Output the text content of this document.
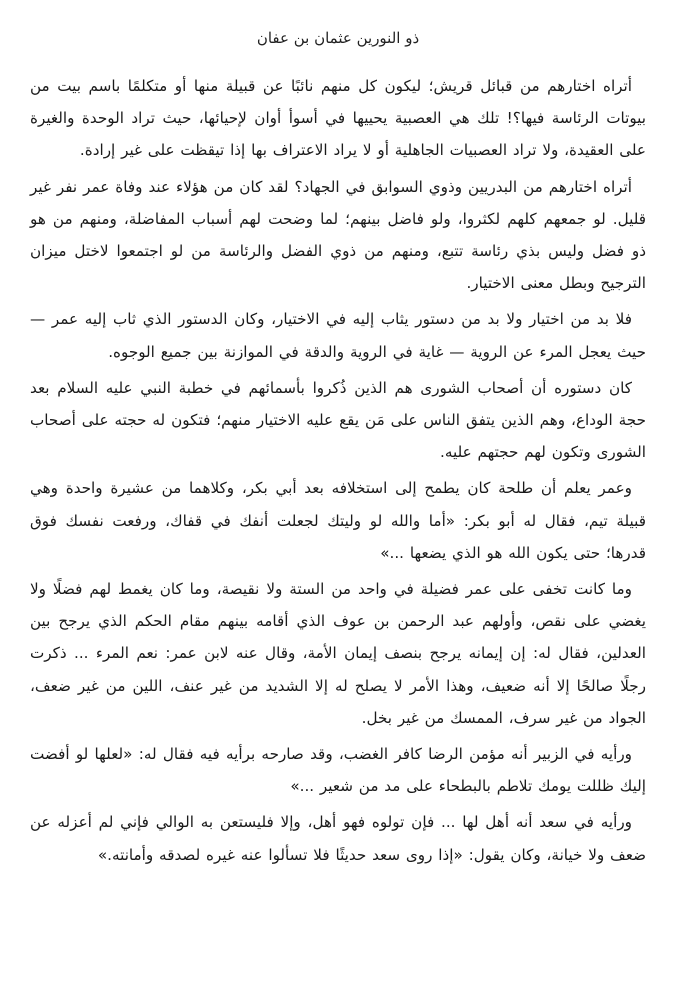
ذو النورين عثمان بن عفان

أتراه اختارهم من قبائل قريش؛ ليكون كل منهم نائبًا عن قبيلة منها أو متكلمًا باسم بيت من بيوتات الرئاسة فيها؟! تلك هي العصبية يحييها في أسوأ أوان لإحيائها، حيث تراد الوحدة والغيرة على العقيدة، ولا تراد العصبيات الجاهلية أو لا يراد الاعتراف بها إذا تيقظت على غير إرادة.

أتراه اختارهم من البدريين وذوي السوابق في الجهاد؟ لقد كان من هؤلاء عند وفاة عمر نفر غير قليل. لو جمعهم كلهم لكثروا، ولو فاضل بينهم؛ لما وضحت لهم أسباب المفاضلة، ومنهم من هو ذو فضل وليس بذي رئاسة تتبع، ومنهم من ذوي الفضل والرئاسة من لو اجتمعوا لاختل ميزان الترجيح وبطل معنى الاختيار.

فلا بد من اختيار ولا بد من دستور يثاب إليه في الاختيار، وكان الدستور الذي ثاب إليه عمر — حيث يعجل المرء عن الروية — غاية في الروية والدقة في الموازنة بين جميع الوجوه.

كان دستوره أن أصحاب الشورى هم الذين ذُكروا بأسمائهم في خطبة النبي عليه السلام بعد حجة الوداع، وهم الذين يتفق الناس على مَن يقع عليه الاختيار منهم؛ فتكون له حجته على أصحاب الشورى وتكون لهم حجتهم عليه.

وعمر يعلم أن طلحة كان يطمح إلى استخلافه بعد أبي بكر، وكلاهما من عشيرة واحدة وهي قبيلة تيم، فقال له أبو بكر: «أما والله لو وليتك لجعلت أنفك في قفاك، ورفعت نفسك فوق قدرها؛ حتى يكون الله هو الذي يضعها ...»

وما كانت تخفى على عمر فضيلة في واحد من الستة ولا نقيصة، وما كان يغمط لهم فضلًا ولا يغضي على نقص، وأولهم عبد الرحمن بن عوف الذي أقامه بينهم مقام الحكم الذي يرجح بين العدلين، فقال له: إن إيمانه يرجح بنصف إيمان الأمة، وقال عنه لابن عمر: نعم المرء ... ذكرت رجلًا صالحًا إلا أنه ضعيف، وهذا الأمر لا يصلح له إلا الشديد من غير عنف، اللين من غير ضعف، الجواد من غير سرف، الممسك من غير بخل.

ورأيه في الزبير أنه مؤمن الرضا كافر الغضب، وقد صارحه برأيه فيه فقال له: «لعلها لو أفضت إليك ظللت يومك تلاطم بالبطحاء على مد من شعير ...»

ورأيه في سعد أنه أهل لها ... فإن تولوه فهو أهل، وإلا فليستعن به الوالي فإني لم أعزله عن ضعف ولا خيانة، وكان يقول: «إذا روى سعد حديثًا فلا تسألوا عنه غيره لصدقه وأمانته.»
